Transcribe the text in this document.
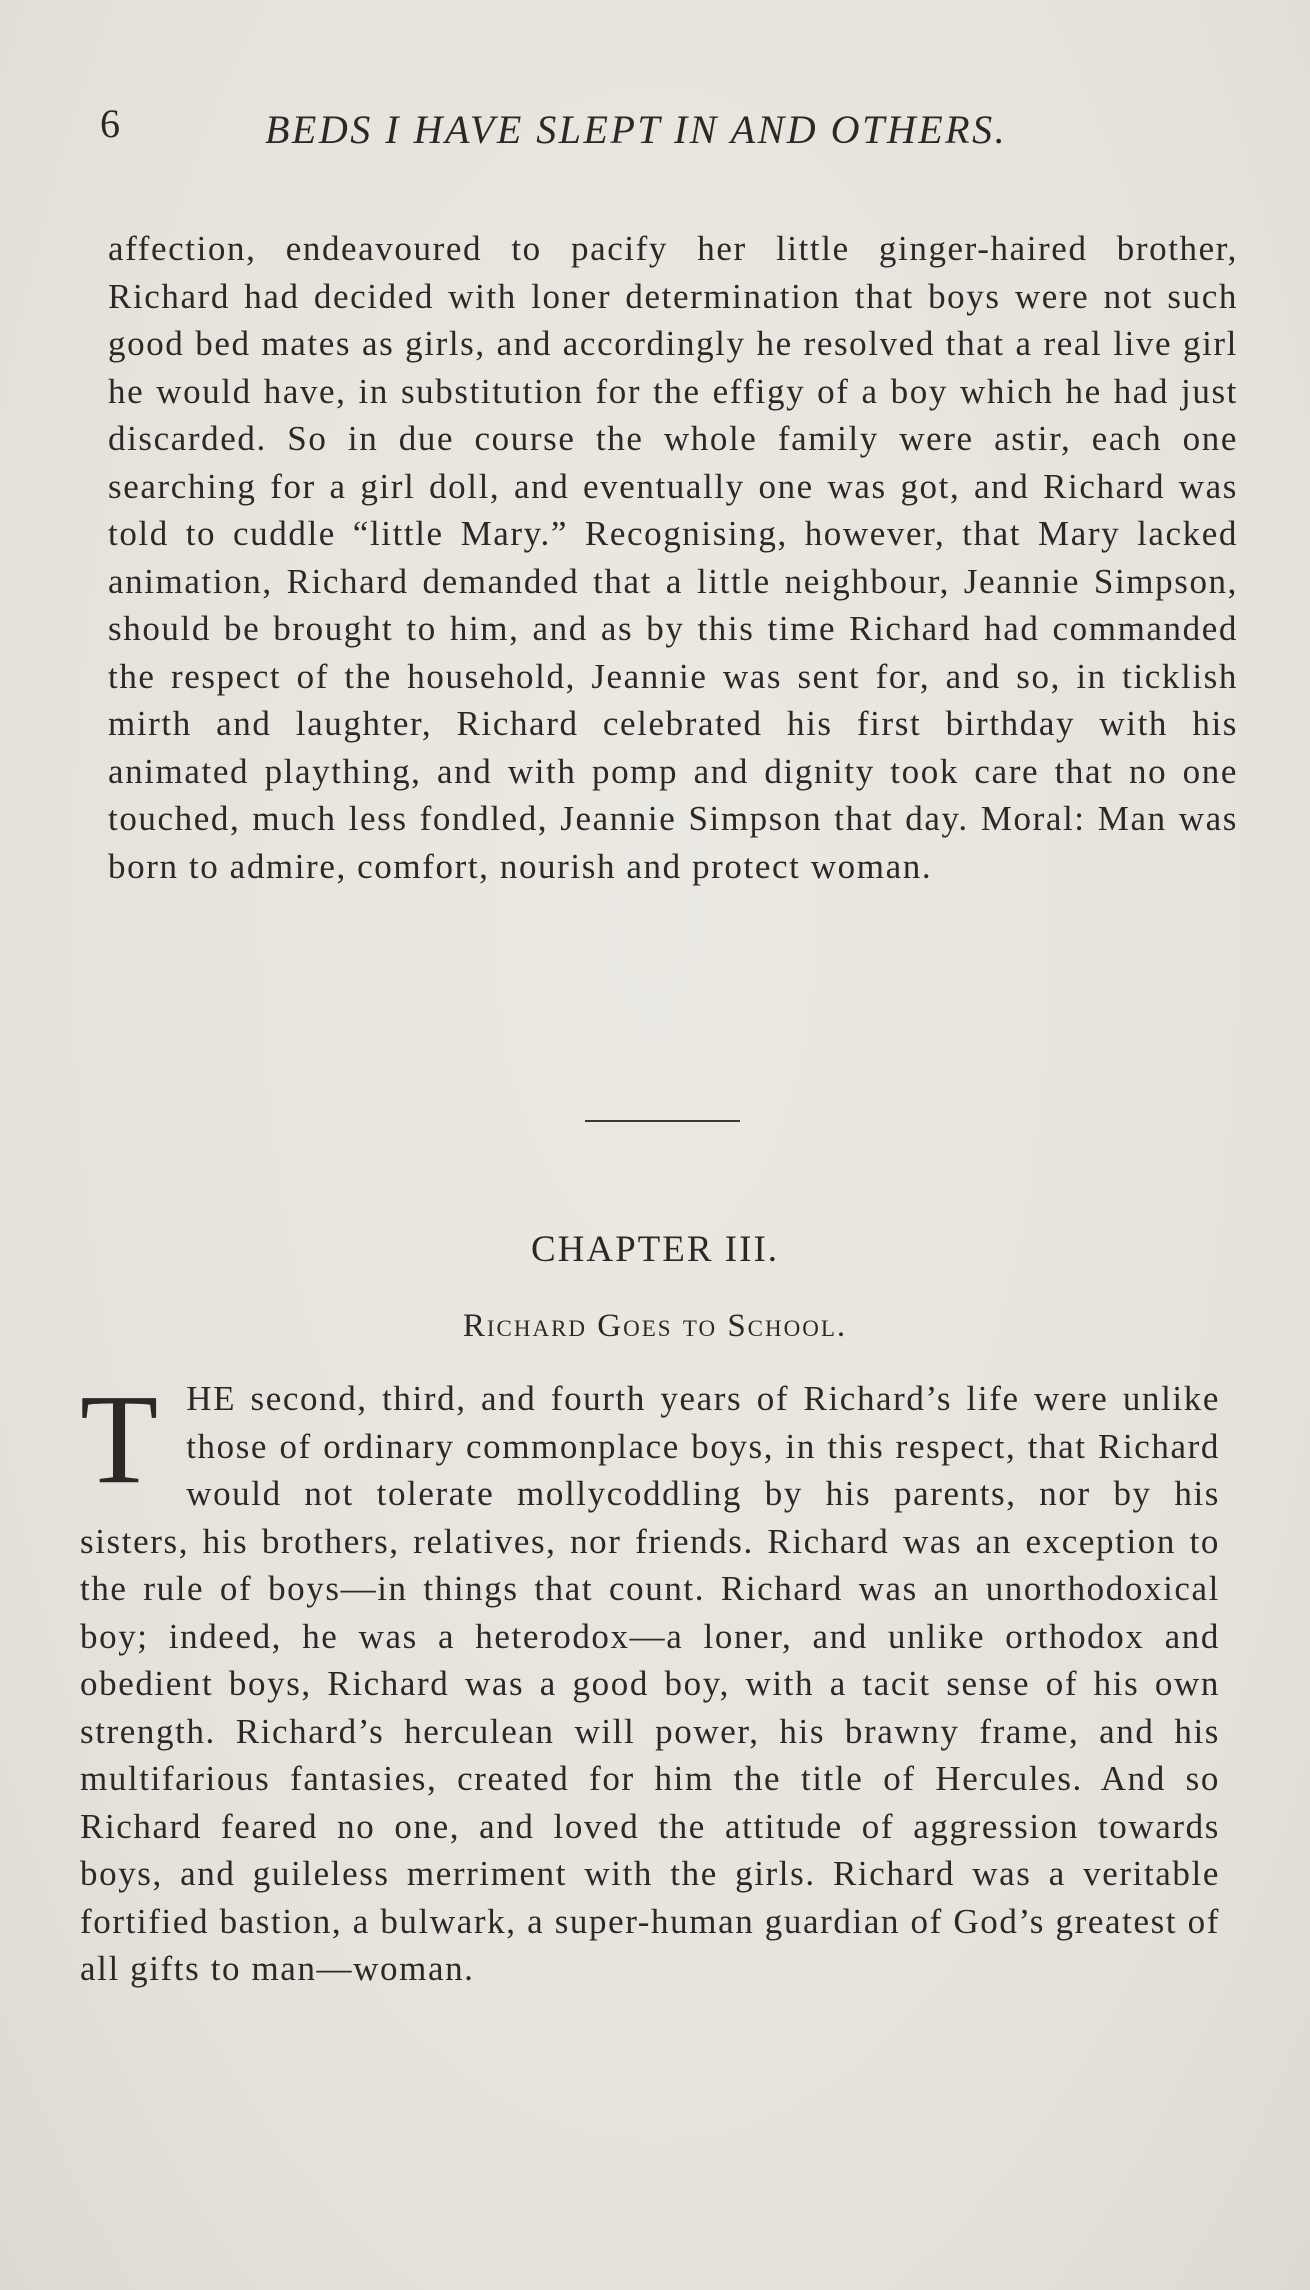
6	BEDS I HAVE SLEPT IN AND OTHERS.

affection, endeavoured to pacify her little ginger-haired brother, Richard had decided with loner determination that boys were not such good bed mates as girls, and accordingly he resolved that a real live girl he would have, in substitution for the effigy of a boy which he had just discarded. So in due course the whole family were astir, each one searching for a girl doll, and eventually one was got, and Richard was told to cuddle “little Mary.” Recognising, however, that Mary lacked animation, Richard demanded that a little neighbour, Jeannie Simpson, should be brought to him, and as by this time Richard had commanded the respect of the household, Jeannie was sent for, and so, in ticklish mirth and laughter, Richard celebrated his first birthday with his animated plaything, and with pomp and dignity took care that no one touched, much less fondled, Jeannie Simpson that day. Moral: Man was born to admire, comfort, nourish and protect woman.

CHAPTER III.
Richard Goes to School.
T HE second, third, and fourth years of Richard’s life were unlike those of ordinary commonplace boys, in this respect, that Richard would not tolerate mollycoddling by his parents, nor by his sisters, his brothers, relatives, nor friends. Richard was an exception to the rule of boys—in things that count. Richard was an unorthodoxical boy; indeed, he was a heterodox—a loner, and unlike orthodox and obedient boys, Richard was a good boy, with a tacit sense of his own strength. Richard’s herculean will power, his brawny frame, and his multifarious fantasies, created for him the title of Hercules. And so Richard feared no one, and loved the attitude of aggression towards boys, and guileless merriment with the girls. Richard was a veritable fortified bastion, a bulwark, a super-human guardian of God’s greatest of all gifts to man—woman.
